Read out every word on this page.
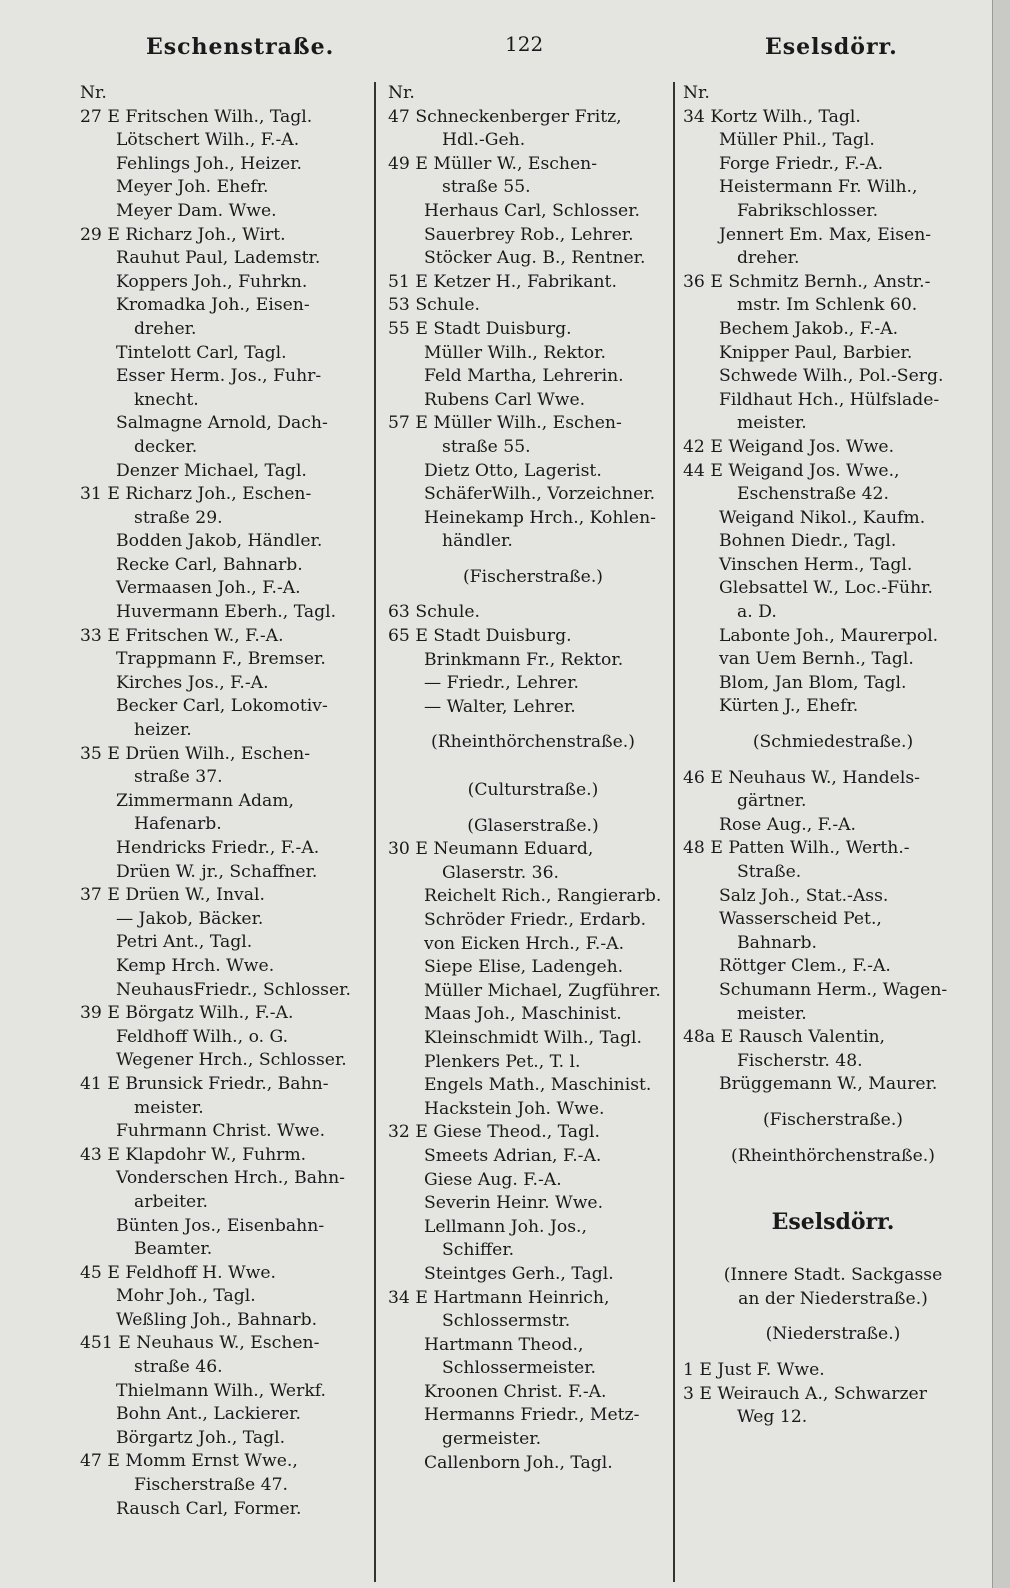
Eschenstraße.	122	Eselsdörr.
Nr.
27 E Fritschen Wilh., Tagl.
Lötschert Wilh., F.-A.
Fehlings Joh., Heizer.
Meyer Joh. Ehefr.
Meyer Dam. Wwe.
29 E Richarz Joh., Wirt.
Rauhut Paul, Lademstr.
Koppers Joh., Fuhrkn.
Kromadka Joh., Eisen-
dreher.
Tintelott Carl, Tagl.
Esser Herm. Jos., Fuhr-
knecht.
Salmagne Arnold, Dach-
decker.
Denzer Michael, Tagl.
31 E Richarz Joh., Eschen-
straße 29.
Bodden Jakob, Händler.
Recke Carl, Bahnarb.
Vermaasen Joh., F.-A.
Huvermann Eberh., Tagl.
33 E Fritschen W., F.-A.
Trappmann F., Bremser.
Kirches Jos., F.-A.
Becker Carl, Lokomotiv-
heizer.
35 E Drüen Wilh., Eschen-
straße 37.
Zimmermann Adam,
Hafenarb.
Hendricks Friedr., F.-A.
Drüen W. jr., Schaffner.
37 E Drüen W., Inval.
— Jakob, Bäcker.
Petri Ant., Tagl.
Kemp Hrch. Wwe.
NeuhausFriedr., Schlosser.
39 E Börgatz Wilh., F.-A.
Feldhoff Wilh., o. G.
Wegener Hrch., Schlosser.
41 E Brunsick Friedr., Bahn-
meister.
Fuhrmann Christ. Wwe.
43 E Klapdohr W., Fuhrm.
Vonderschen Hrch., Bahn-
arbeiter.
Bünten Jos., Eisenbahn-
Beamter.
45 E Feldhoff H. Wwe.
Mohr Joh., Tagl.
Weßling Joh., Bahnarb.
451 E Neuhaus W., Eschen-
straße 46.
Thielmann Wilh., Werkf.
Bohn Ant., Lackierer.
Börgartz Joh., Tagl.
47 E Momm Ernst Wwe.,
Fischerstraße 47.
Rausch Carl, Former.
Nr.
47 Schneckenberger Fritz,
Hdl.-Geh.
49 E Müller W., Eschen-
straße 55.
Herhaus Carl, Schlosser.
Sauerbrey Rob., Lehrer.
Stöcker Aug. B., Rentner.
51 E Ketzer H., Fabrikant.
53 Schule.
55 E Stadt Duisburg.
Müller Wilh., Rektor.
Feld Martha, Lehrerin.
Rubens Carl Wwe.
57 E Müller Wilh., Eschen-
straße 55.
Dietz Otto, Lagerist.
SchäferWilh., Vorzeichner.
Heinekamp Hrch., Kohlen-
händler.
(Fischerstraße.)
63 Schule.
65 E Stadt Duisburg.
Brinkmann Fr., Rektor.
— Friedr., Lehrer.
— Walter, Lehrer.
(Rheinthörchenstraße.)
(Culturstraße.)
(Glaserstraße.)
30 E Neumann Eduard,
Glaserstr. 36.
Reichelt Rich., Rangierarb.
Schröder Friedr., Erdarb.
von Eicken Hrch., F.-A.
Siepe Elise, Ladengeh.
Müller Michael, Zugführer.
Maas Joh., Maschinist.
Kleinschmidt Wilh., Tagl.
Plenkers Pet., T. l.
Engels Math., Maschinist.
Hackstein Joh. Wwe.
32 E Giese Theod., Tagl.
Smeets Adrian, F.-A.
Giese Aug. F.-A.
Severin Heinr. Wwe.
Lellmann Joh. Jos.,
Schiffer.
Steintges Gerh., Tagl.
34 E Hartmann Heinrich,
Schlossermstr.
Hartmann Theod.,
Schlossermeister.
Kroonen Christ. F.-A.
Hermanns Friedr., Metz-
germeister.
Callenborn Joh., Tagl.
Nr.
34 Kortz Wilh., Tagl.
Müller Phil., Tagl.
Forge Friedr., F.-A.
Heistermann Fr. Wilh.,
Fabrikschlosser.
Jennert Em. Max, Eisen-
dreher.
36 E Schmitz Bernh., Anstr.-
mstr. Im Schlenk 60.
Bechem Jakob., F.-A.
Knipper Paul, Barbier.
Schwede Wilh., Pol.-Serg.
Fildhaut Hch., Hülfslade-
meister.
42 E Weigand Jos. Wwe.
44 E Weigand Jos. Wwe.,
Eschenstraße 42.
Weigand Nikol., Kaufm.
Bohnen Diedr., Tagl.
Vinschen Herm., Tagl.
Glebsattel W., Loc.-Führ.
a. D.
Labonte Joh., Maurerpol.
van Uem Bernh., Tagl.
Blom, Jan Blom, Tagl.
Kürten J., Ehefr.
(Schmiedestraße.)
46 E Neuhaus W., Handels-
gärtner.
Rose Aug., F.-A.
48 E Patten Wilh., Werth.-
Straße.
Salz Joh., Stat.-Ass.
Wasserscheid Pet.,
Bahnarb.
Röttger Clem., F.-A.
Schumann Herm., Wagen-
meister.
48a E Rausch Valentin,
Fischerstr. 48.
Brüggemann W., Maurer.
(Fischerstraße.)
(Rheinthörchenstraße.)
Eselsdörr.
(Innere Stadt. Sackgasse
an der Niederstraße.)
(Niederstraße.)
1 E Just F. Wwe.
3 E Weirauch A., Schwarzer
Weg 12.
